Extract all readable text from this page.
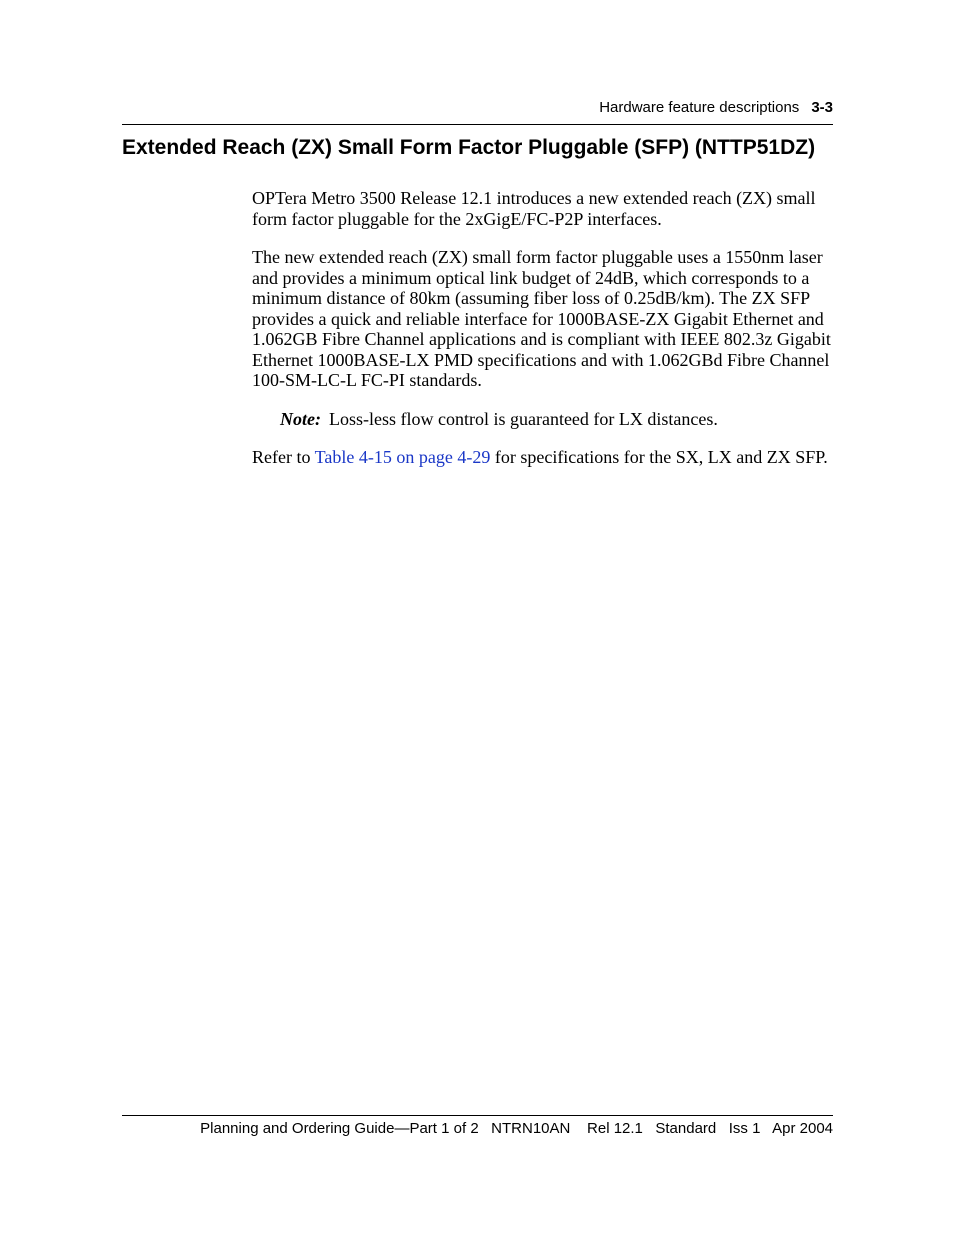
Hardware feature descriptions 3-3
Extended Reach (ZX) Small Form Factor Pluggable (SFP) (NTTP51DZ)

OPTera Metro 3500 Release 12.1 introduces a new extended reach (ZX) small form factor pluggable for the 2xGigE/FC-P2P interfaces.

The new extended reach (ZX) small form factor pluggable uses a 1550nm laser and provides a minimum optical link budget of 24dB, which corresponds to a minimum distance of 80km (assuming fiber loss of 0.25dB/km). The ZX SFP provides a quick and reliable interface for 1000BASE-ZX Gigabit Ethernet and 1.062GB Fibre Channel applications and is compliant with IEEE 802.3z Gigabit Ethernet 1000BASE-LX PMD specifications and with 1.062GBd Fibre Channel 100-SM-LC-L FC-PI standards.

Note: Loss-less flow control is guaranteed for LX distances.

Refer to Table 4-15 on page 4-29 for specifications for the SX, LX and ZX SFP.

Planning and Ordering Guide—Part 1 of 2   NTRN10AN    Rel 12.1   Standard   Iss 1   Apr 2004
